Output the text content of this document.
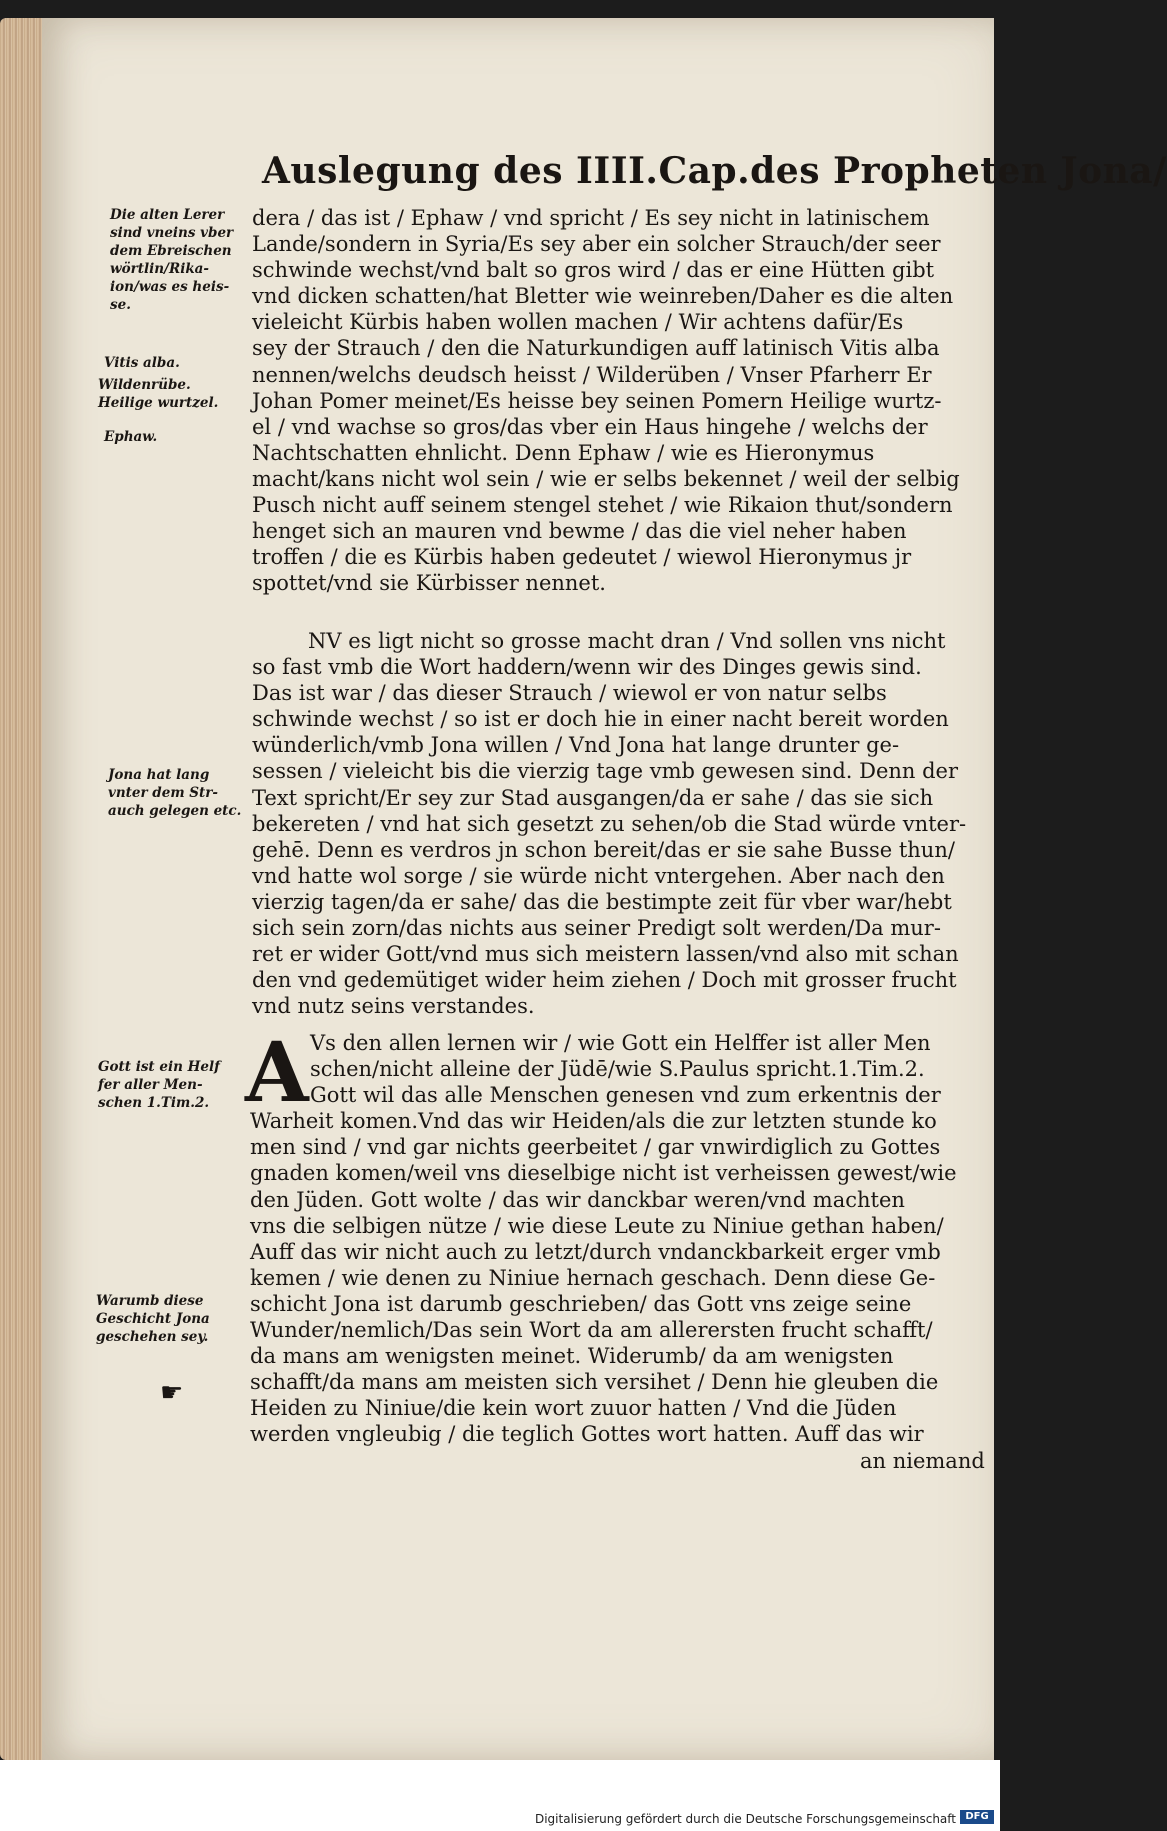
Auslegung des IIII.Cap.des Propheten Jona/
Die alten Lerer
sind vneins vber
dem Ebreischen
wörtlin/Rika-
ion/was es heis-
se.
Vitis alba.
Wildenrübe.
Heilige wurtzel.
Ephaw.
Jona hat lang
vnter dem Str-
auch gelegen etc.
Gott ist ein Helf
fer aller Men-
schen 1.Tim.2.
Warumb diese
Geschicht Jona
geschehen sey.
☛
dera / das ist / Ephaw / vnd spricht / Es sey nicht in latinischem
Lande/sondern in Syria/Es sey aber ein solcher Strauch/der seer
schwinde wechst/vnd balt so gros wird / das er eine Hütten gibt
vnd dicken schatten/hat Bletter wie weinreben/Daher es die alten
vieleicht Kürbis haben wollen machen / Wir achtens dafür/Es
sey der Strauch / den die Naturkundigen auff latinisch Vitis alba
nennen/welchs deudsch heisst / Wilderüben / Vnser Pfarherr Er
Johan Pomer meinet/Es heisse bey seinen Pomern Heilige wurtz-
el / vnd wachse so gros/das vber ein Haus hingehe / welchs der
Nachtschatten ehnlicht. Denn Ephaw / wie es Hieronymus
macht/kans nicht wol sein / wie er selbs bekennet / weil der selbig
Pusch nicht auff seinem stengel stehet / wie Rikaion thut/sondern
henget sich an mauren vnd bewme / das die viel neher haben
troffen / die es Kürbis haben gedeutet / wiewol Hieronymus jr
spottet/vnd sie Kürbisser nennet.
NV es ligt nicht so grosse macht dran / Vnd sollen vns nicht
so fast vmb die Wort haddern/wenn wir des Dinges gewis sind.
Das ist war / das dieser Strauch / wiewol er von natur selbs
schwinde wechst / so ist er doch hie in einer nacht bereit worden
wünderlich/vmb Jona willen / Vnd Jona hat lange drunter ge-
sessen / vieleicht bis die vierzig tage vmb gewesen sind. Denn der
Text spricht/Er sey zur Stad ausgangen/da er sahe / das sie sich
bekereten / vnd hat sich gesetzt zu sehen/ob die Stad würde vnter-
gehē. Denn es verdros jn schon bereit/das er sie sahe Busse thun/
vnd hatte wol sorge / sie würde nicht vntergehen. Aber nach den
vierzig tagen/da er sahe/ das die bestimpte zeit für vber war/hebt
sich sein zorn/das nichts aus seiner Predigt solt werden/Da mur-
ret er wider Gott/vnd mus sich meistern lassen/vnd also mit schan
den vnd gedemütiget wider heim ziehen / Doch mit grosser frucht
vnd nutz seins verstandes.
A Vs den allen lernen wir / wie Gott ein Helffer ist aller Men
schen/nicht alleine der Jüdē/wie S.Paulus spricht.1.Tim.2.
Gott wil das alle Menschen genesen vnd zum erkentnis der
Warheit komen.Vnd das wir Heiden/als die zur letzten stunde ko
men sind / vnd gar nichts geerbeitet / gar vnwirdiglich zu Gottes
gnaden komen/weil vns dieselbige nicht ist verheissen gewest/wie
den Jüden. Gott wolte / das wir danckbar weren/vnd machten
vns die selbigen nütze / wie diese Leute zu Niniue gethan haben/
Auff das wir nicht auch zu letzt/durch vndanckbarkeit erger vmb
kemen / wie denen zu Niniue hernach geschach. Denn diese Ge-
schicht Jona ist darumb geschrieben/ das Gott vns zeige seine
Wunder/nemlich/Das sein Wort da am allerersten frucht schafft/
da mans am wenigsten meinet. Widerumb/ da am wenigsten
schafft/da mans am meisten sich versihet / Denn hie gleuben die
Heiden zu Niniue/die kein wort zuuor hatten / Vnd die Jüden
werden vngleubig / die teglich Gottes wort hatten. Auff das wir
an niemand
Digitalisierung gefördert durch die Deutsche Forschungsgemeinschaft DFG
